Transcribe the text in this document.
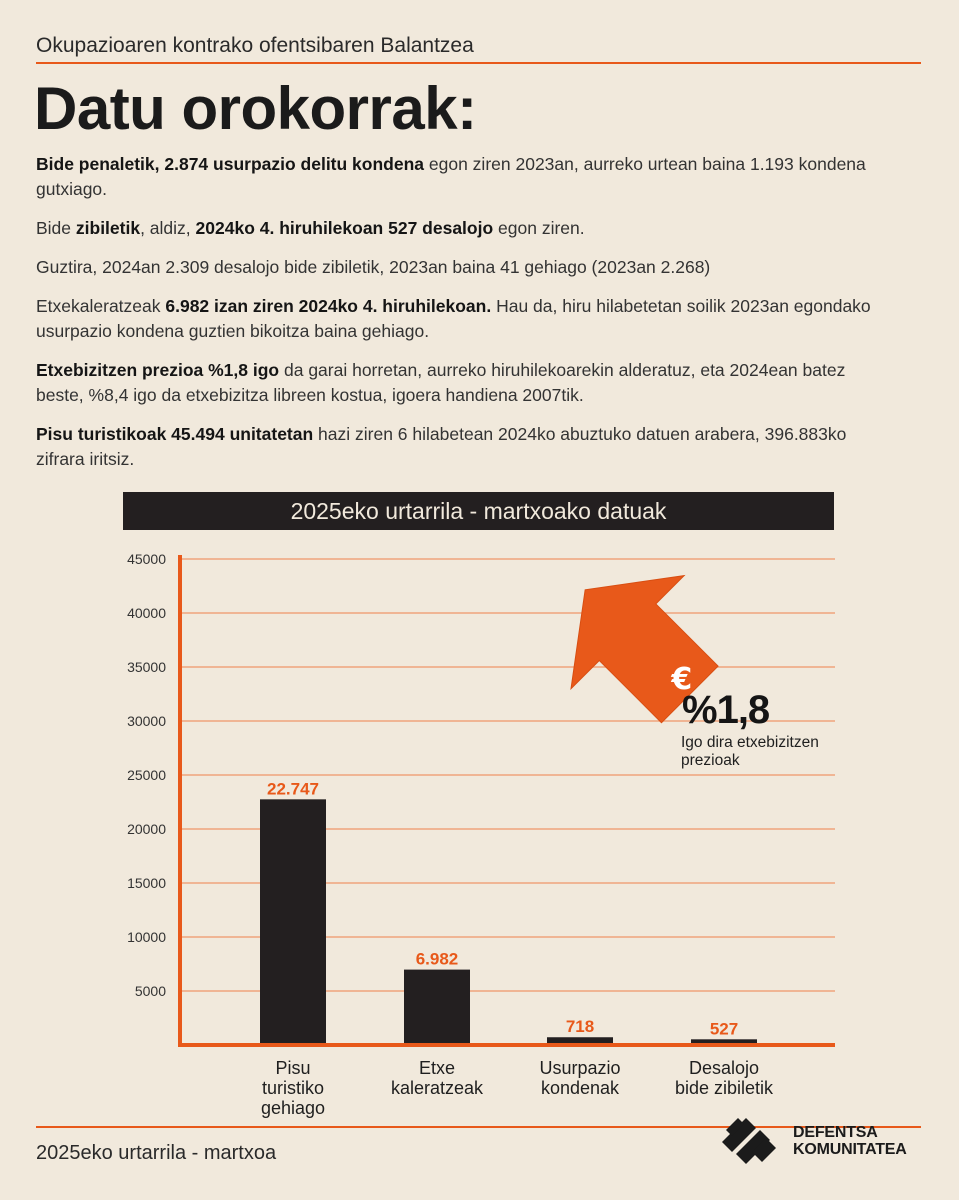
Okupazioaren kontrako ofentsibaren Balantzea
Datu orokorrak:

Bide penaletik, 2.874 usurpazio delitu kondena egon ziren 2023an, aurreko urtean baina 1.193 kondena gutxiago.

Bide zibiletik, aldiz, 2024ko 4. hiruhilekoan 527 desalojo egon ziren.

Guztira, 2024an 2.309 desalojo bide zibiletik, 2023an baina 41 gehiago (2023an 2.268)

Etxekaleratzeak 6.982 izan ziren 2024ko 4. hiruhilekoan. Hau da, hiru hilabetetan soilik 2023an egondako usurpazio kondena guztien bikoitza baina gehiago.

Etxebizitzen prezioa %1,8 igo da garai horretan, aurreko hiruhilekoarekin alderatuz, eta 2024ean batez beste, %8,4 igo da etxebizitza libreen kostua, igoera handiena 2007tik.

Pisu turistikoak 45.494 unitatetan hazi ziren 6 hilabetean 2024ko abuztuko datuen arabera, 396.883ko zifrara iritsiz.

2025eko urtarrila - martxoako datuak
5000
10000
15000
20000
25000
30000
35000
40000
45000
22.747
Pisu
turistiko
gehiago
6.982
Etxe
kaleratzeak
718
Usurpazio
kondenak
527
Desalojo
bide zibiletik
€
%1,8
Igo dira etxebizitzen prezioak
2025eko urtarrila - martxoa
DEFENTSA
KOMUNITATEA
